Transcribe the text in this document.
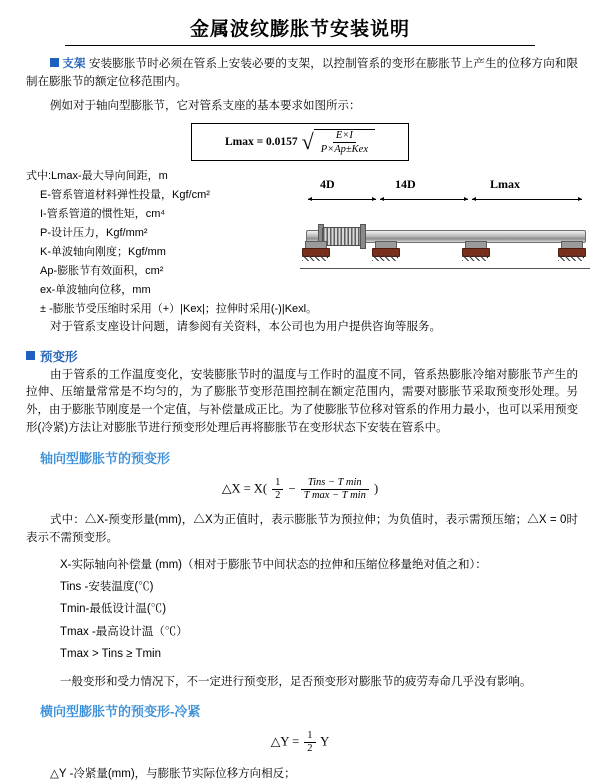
金属波纹膨胀节安装说明
支架 安装膨胀节时必须在管系上安装必要的支架，以控制管系的变形在膨胀节上产生的位移方向和限制在膨胀节的额定位移范围内。
例如对于轴向型膨胀节，它对管系支座的基本要求如图所示：
Lmax = 0.0157 √ $\frac{E\times I}{\text{P×Ap±Kex}}$
式中:Lmax-最大导向间距，m
E-管系管道材料弹性投量，Kgf/cm²
I-管系管道的惯性矩，cm⁴
P-设计压力，Kgf/mm²
K-单波轴向刚度；Kgf/mm
Ap-膨胀节有效面积，cm²
ex-单波轴向位移，mm
± -膨胀节受压缩时采用（+）|Kex|；拉伸时采用(-)|Kexl。
4D	14D	Lmax
对于管系支座设计问题，请参阅有关资料，本公司也为用户提供咨询等服务。
预变形
由于管系的工作温度变化，安装膨胀节时的温度与工作时的温度不同，管系热膨胀冷缩对膨胀节产生的拉伸、压缩量常常是不均匀的，为了膨胀节变形范围控制在额定范围内，需要对膨胀节采取预变形处理。另外，由于膨胀节刚度是一个定值，与补偿量成正比。为了使膨胀节位移对管系的作用力最小，也可以采用预变形(冷紧)方法让对膨胀节进行预变形处理后再将膨胀节在变形状态下安装在管系中。
轴向型膨胀节的预变形
△X = $X( \frac{1}{2} - \frac{\text{Tins − T min}}{\text{T max − T min}}$ )
式中：△X-预变形量(mm)，△X为正值时，表示膨胀节为预拉伸；为负值时，表示需预压缩；△X = 0时表示不需预变形。
X-实际轴向补偿量 (mm)（相对于膨胀节中间状态的拉伸和压缩位移量绝对值之和）：
Tins -安装温度(℃)
Tmin-最低设计温(℃)
Tmax -最高设计温（℃）
Tmax > Tins ≥ Tmin
一般变形和受力情况下，不一定进行预变形，足否预变形对膨胀节的疲劳寿命几乎没有影响。
横向型膨胀节的预变形-冷紧
△Y = $\frac{1}{2}$ Y
△Y -冷紧量(mm)，与膨胀节实际位移方向相反；
